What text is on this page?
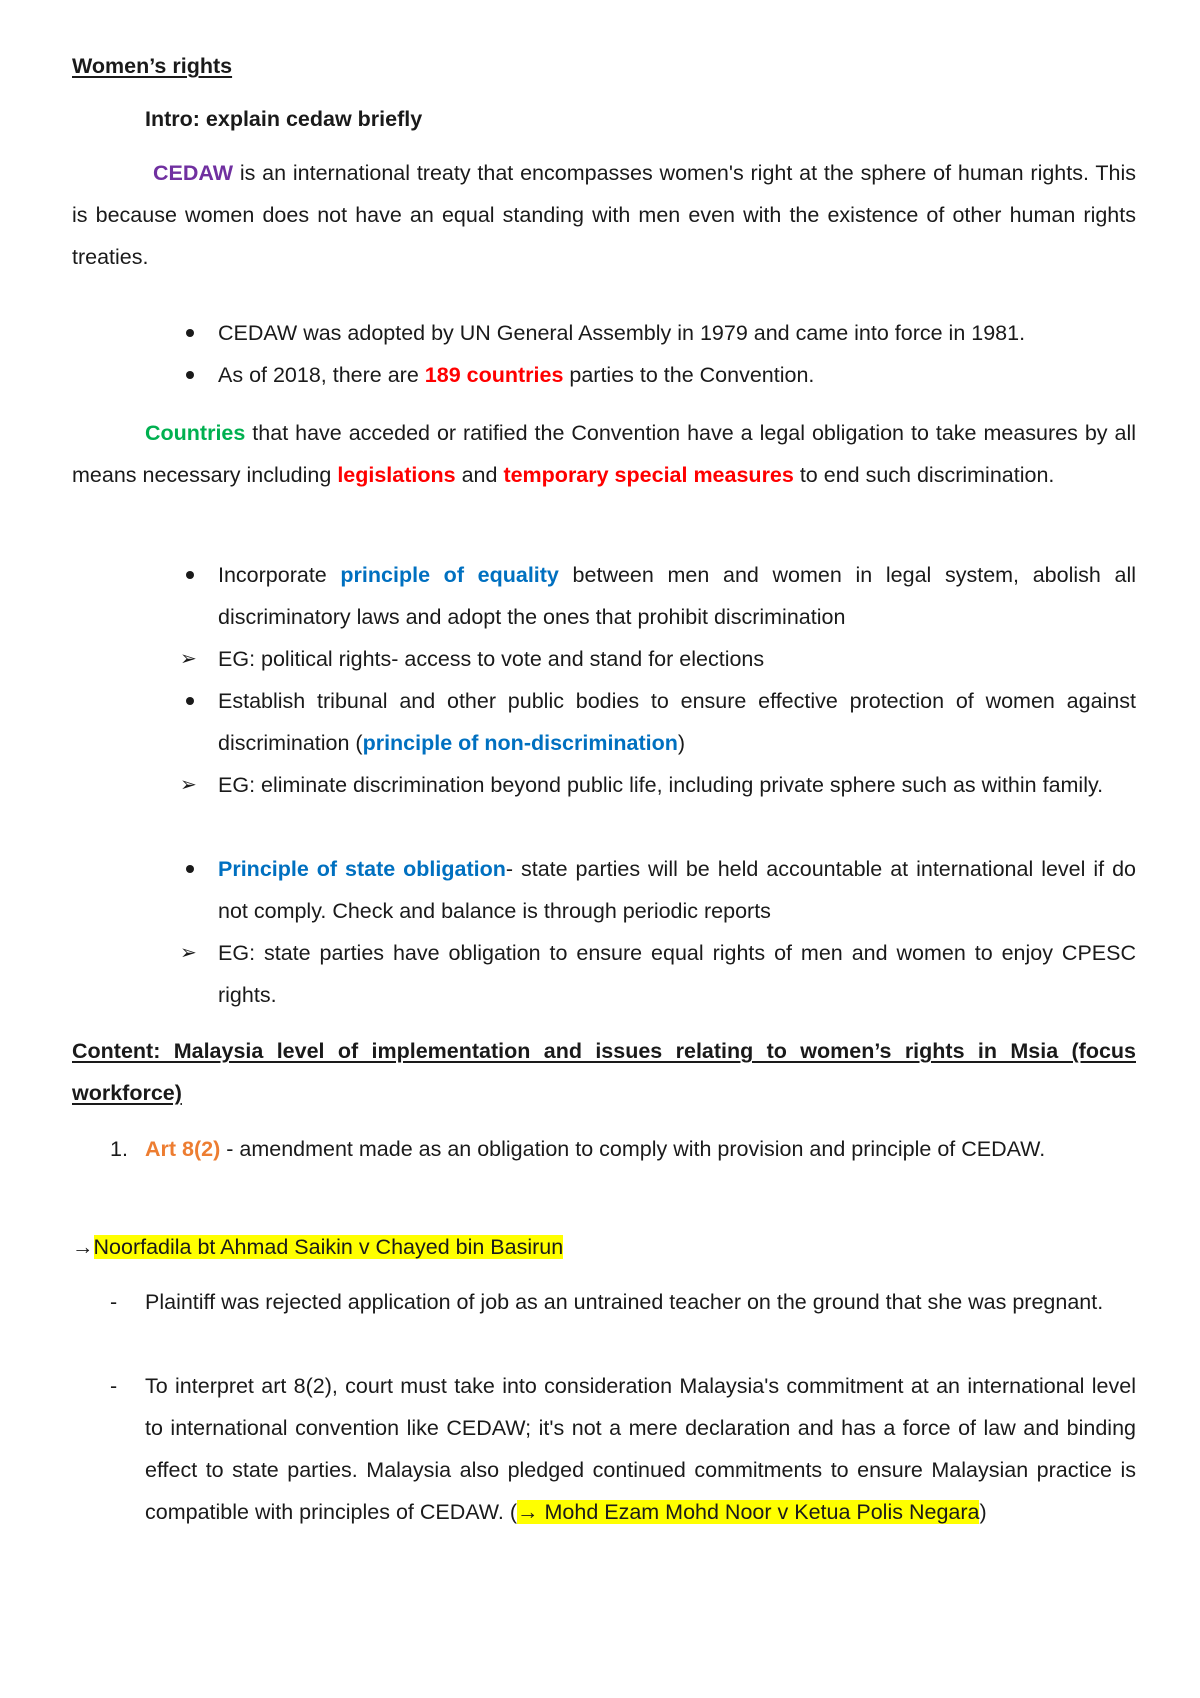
Women’s rights
Intro: explain cedaw briefly
CEDAW is an international treaty that encompasses women's right at the sphere of human rights. This is because women does not have an equal standing with men even with the existence of other human rights treaties.
CEDAW was adopted by UN General Assembly in 1979 and came into force in 1981.
As of 2018, there are 189 countries parties to the Convention.
Countries that have acceded or ratified the Convention have a legal obligation to take measures by all means necessary including legislations and temporary special measures to end such discrimination.
Incorporate principle of equality between men and women in legal system, abolish all discriminatory laws and adopt the ones that prohibit discrimination
➢ EG: political rights- access to vote and stand for elections
Establish tribunal and other public bodies to ensure effective protection of women against discrimination (principle of non-discrimination)
➢ EG: eliminate discrimination beyond public life, including private sphere such as within family.
Principle of state obligation- state parties will be held accountable at international level if do not comply. Check and balance is through periodic reports
➢ EG: state parties have obligation to ensure equal rights of men and women to enjoy CPESC rights.
Content: Malaysia level of implementation and issues relating to women’s rights in Msia (focus workforce)
1. Art 8(2) - amendment made as an obligation to comply with provision and principle of CEDAW.
→Noorfadila bt Ahmad Saikin v Chayed bin Basirun
- Plaintiff was rejected application of job as an untrained teacher on the ground that she was pregnant.
- To interpret art 8(2), court must take into consideration Malaysia's commitment at an international level to international convention like CEDAW; it's not a mere declaration and has a force of law and binding effect to state parties. Malaysia also pledged continued commitments to ensure Malaysian practice is compatible with principles of CEDAW. (→ Mohd Ezam Mohd Noor v Ketua Polis Negara)
